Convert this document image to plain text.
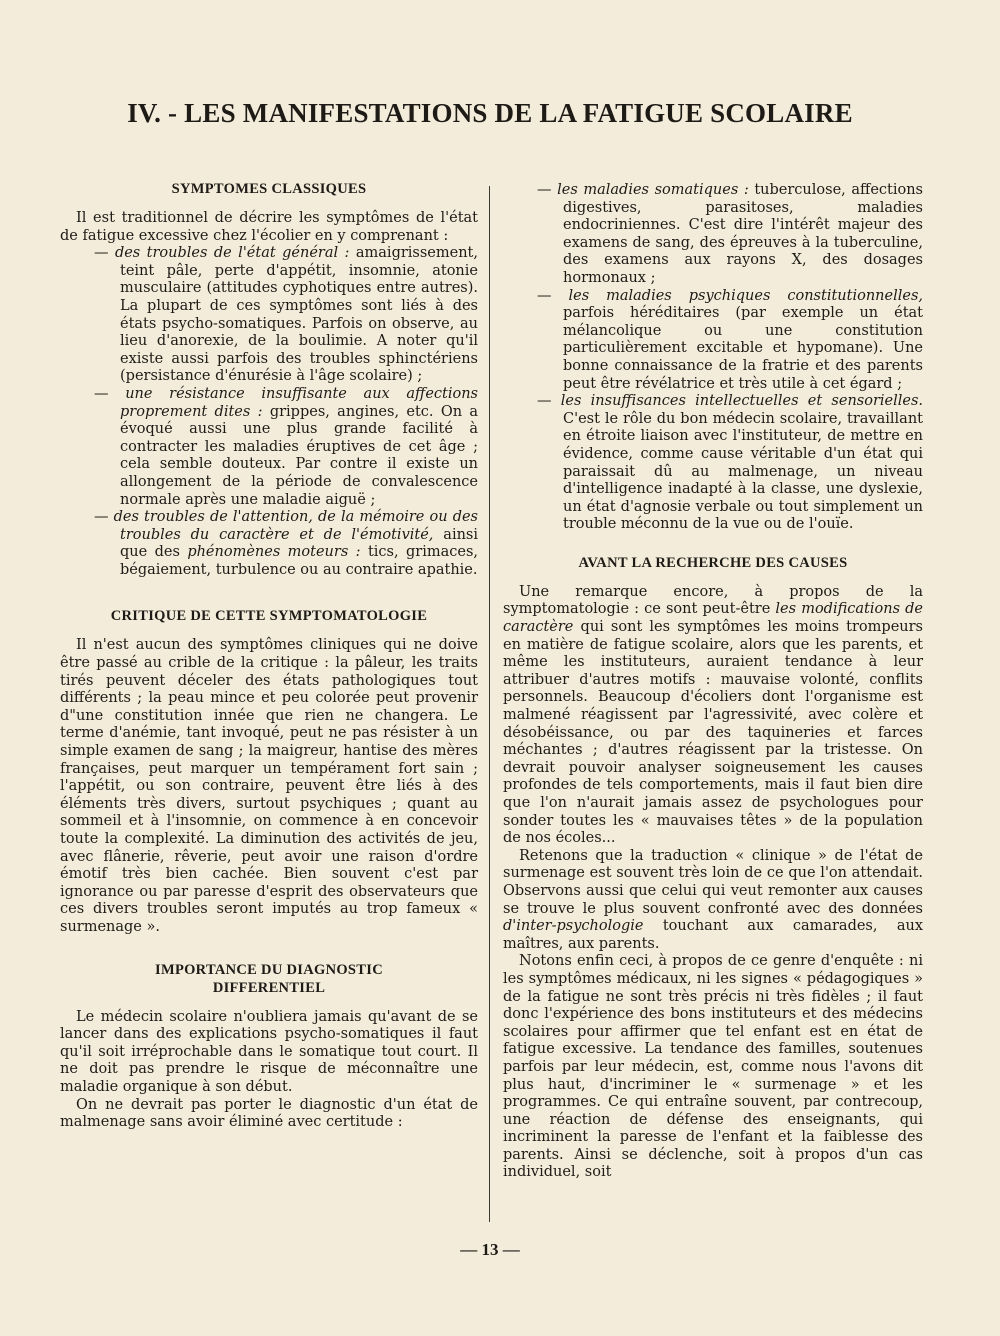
IV. - LES MANIFESTATIONS DE LA FATIGUE SCOLAIRE
SYMPTOMES CLASSIQUES

Il est traditionnel de décrire les symptômes de l'état de fatigue excessive chez l'écolier en y comprenant :

— des troubles de l'état général : amaigrissement, teint pâle, perte d'appétit, insomnie, atonie musculaire (attitudes cyphotiques entre autres). La plupart de ces symptômes sont liés à des états psycho-somatiques. Parfois on observe, au lieu d'anorexie, de la boulimie. A noter qu'il existe aussi parfois des troubles sphinctériens (persistance d'énurésie à l'âge scolaire) ;
— une résistance insuffisante aux affections proprement dites : grippes, angines, etc. On a évoqué aussi une plus grande facilité à contracter les maladies éruptives de cet âge ; cela semble douteux. Par contre il existe un allongement de la période de convalescence normale après une maladie aiguë ;
— des troubles de l'attention, de la mémoire ou des troubles du caractère et de l'émotivité, ainsi que des phénomènes moteurs : tics, grimaces, bégaiement, turbulence ou au contraire apathie.
CRITIQUE DE CETTE SYMPTOMATOLOGIE

Il n'est aucun des symptômes cliniques qui ne doive être passé au crible de la critique : la pâleur, les traits tirés peuvent déceler des états pathologiques tout différents ; la peau mince et peu colorée peut provenir d"une constitution innée que rien ne changera. Le terme d'anémie, tant invoqué, peut ne pas résister à un simple examen de sang ; la maigreur, hantise des mères françaises, peut marquer un tempérament fort sain ; l'appétit, ou son contraire, peuvent être liés à des éléments très divers, surtout psychiques ; quant au sommeil et à l'insomnie, on commence à en concevoir toute la complexité. La diminution des activités de jeu, avec flânerie, rêverie, peut avoir une raison d'ordre émotif très bien cachée. Bien souvent c'est par ignorance ou par paresse d'esprit des observateurs que ces divers troubles seront imputés au trop fameux « surmenage ».

IMPORTANCE DU DIAGNOSTIC
DIFFERENTIEL

Le médecin scolaire n'oubliera jamais qu'avant de se lancer dans des explications psycho-somatiques il faut qu'il soit irréprochable dans le somatique tout court. Il ne doit pas prendre le risque de méconnaître une maladie organique à son début.

On ne devrait pas porter le diagnostic d'un état de malmenage sans avoir éliminé avec certitude :

— les maladies somatiques : tuberculose, affections digestives, parasitoses, maladies endocriniennes. C'est dire l'intérêt majeur des examens de sang, des épreuves à la tuberculine, des examens aux rayons X, des dosages hormonaux ;
— les maladies psychiques constitutionnelles, parfois héréditaires (par exemple un état mélancolique ou une constitution particulièrement excitable et hypomane). Une bonne connaissance de la fratrie et des parents peut être révélatrice et très utile à cet égard ;
— les insuffisances intellectuelles et sensorielles. C'est le rôle du bon médecin scolaire, travaillant en étroite liaison avec l'instituteur, de mettre en évidence, comme cause véritable d'un état qui paraissait dû au malmenage, un niveau d'intelligence inadapté à la classe, une dyslexie, un état d'agnosie verbale ou tout simplement un trouble méconnu de la vue ou de l'ouïe.
AVANT LA RECHERCHE DES CAUSES

Une remarque encore, à propos de la symptomatologie : ce sont peut-être les modifications de caractère qui sont les symptômes les moins trompeurs en matière de fatigue scolaire, alors que les parents, et même les instituteurs, auraient tendance à leur attribuer d'autres motifs : mauvaise volonté, conflits personnels. Beaucoup d'écoliers dont l'organisme est malmené réagissent par l'agressivité, avec colère et désobéissance, ou par des taquineries et farces méchantes ; d'autres réagissent par la tristesse. On devrait pouvoir analyser soigneusement les causes profondes de tels comportements, mais il faut bien dire que l'on n'aurait jamais assez de psychologues pour sonder toutes les « mauvaises têtes » de la population de nos écoles...

Retenons que la traduction « clinique » de l'état de surmenage est souvent très loin de ce que l'on attendait. Observons aussi que celui qui veut remonter aux causes se trouve le plus souvent confronté avec des données d'inter-psychologie touchant aux camarades, aux maîtres, aux parents.

Notons enfin ceci, à propos de ce genre d'enquête : ni les symptômes médicaux, ni les signes « pédagogiques » de la fatigue ne sont très précis ni très fidèles ; il faut donc l'expérience des bons instituteurs et des médecins scolaires pour affirmer que tel enfant est en état de fatigue excessive. La tendance des familles, soutenues parfois par leur médecin, est, comme nous l'avons dit plus haut, d'incriminer le « surmenage » et les programmes. Ce qui entraîne souvent, par contrecoup, une réaction de défense des enseignants, qui incriminent la paresse de l'enfant et la faiblesse des parents. Ainsi se déclenche, soit à propos d'un cas individuel, soit

— 13 —
